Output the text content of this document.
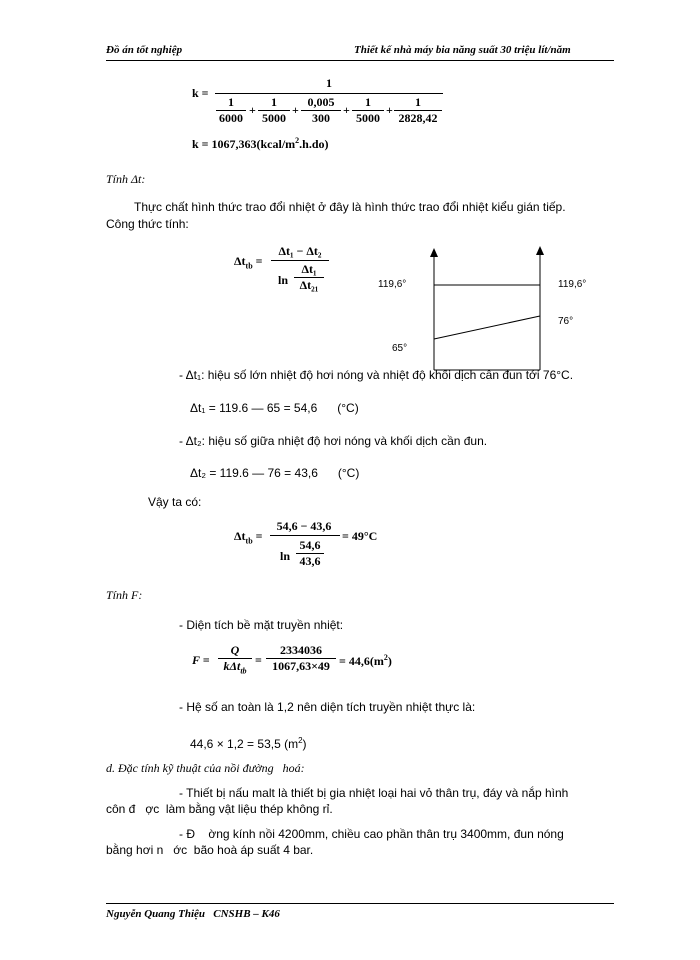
Đồ án tốt nghiệp	Thiết kế nhà máy bia năng suất 30 triệu lít/năm
k =
1
$\frac{1}{6000} + \frac{1}{5000} + \frac{0,005}{300} + \frac{1}{5000} + \frac{1}{2828,42}$
$k = 1067,363(kcal/m^2.h.do)$
Tính Δt:

Thực chất hình thức trao đổi nhiệt ở đây là hình thức trao đổi nhiệt kiểu gián tiếp.

Công thức tính:

$\Delta t_{tb}$ =
Δt₁ − Δt₂
$\ln \frac{\text{Δt₁}}{\text{Δt₂₁}}$	119,6°	119,6°
65°
76°

- Δt₁: hiệu số lớn nhiệt độ hơi nóng và nhiệt độ khối dịch cần đun tới 76°C.

Δt₁ = 119.6 — 65 = 54,6      (°C)

- Δt₂: hiệu số giữa nhiệt độ hơi nóng và khối dịch cần đun.

Δt₂ = 119.6 — 76 = 43,6      (°C)

Vậy ta có:

$\Delta t_{tb}$ =
54,6 − 43,6
$\ln \frac{54,6}{43,6}$
= 49°C
Tính F:

- Diện tích bề mặt truyền nhiệt:

F =
Q
kΔt$_{tb}$
= $\frac{2334036}{1067,63\times 49} = 44,6(m^2)$

- Hệ số an toàn là 1,2 nên diện tích truyền nhiệt thực là:

44,6 × 1,2 = 53,5 $(m^2)$

d. Đặc tính kỹ thuật của nồi đường   hoá:

- Thiết bị nấu malt là thiết bị gia nhiệt loại hai vỏ thân trụ, đáy và nắp hình

côn đ   ợc  làm bằng vật liệu thép không rỉ.

- Đ    ờng kính nồi 4200mm, chiều cao phần thân trụ 3400mm, đun nóng

bằng hơi n   ớc  bão hoà áp suất 4 bar.

Nguyễn Quang Thiệu   CNSHB – K46
